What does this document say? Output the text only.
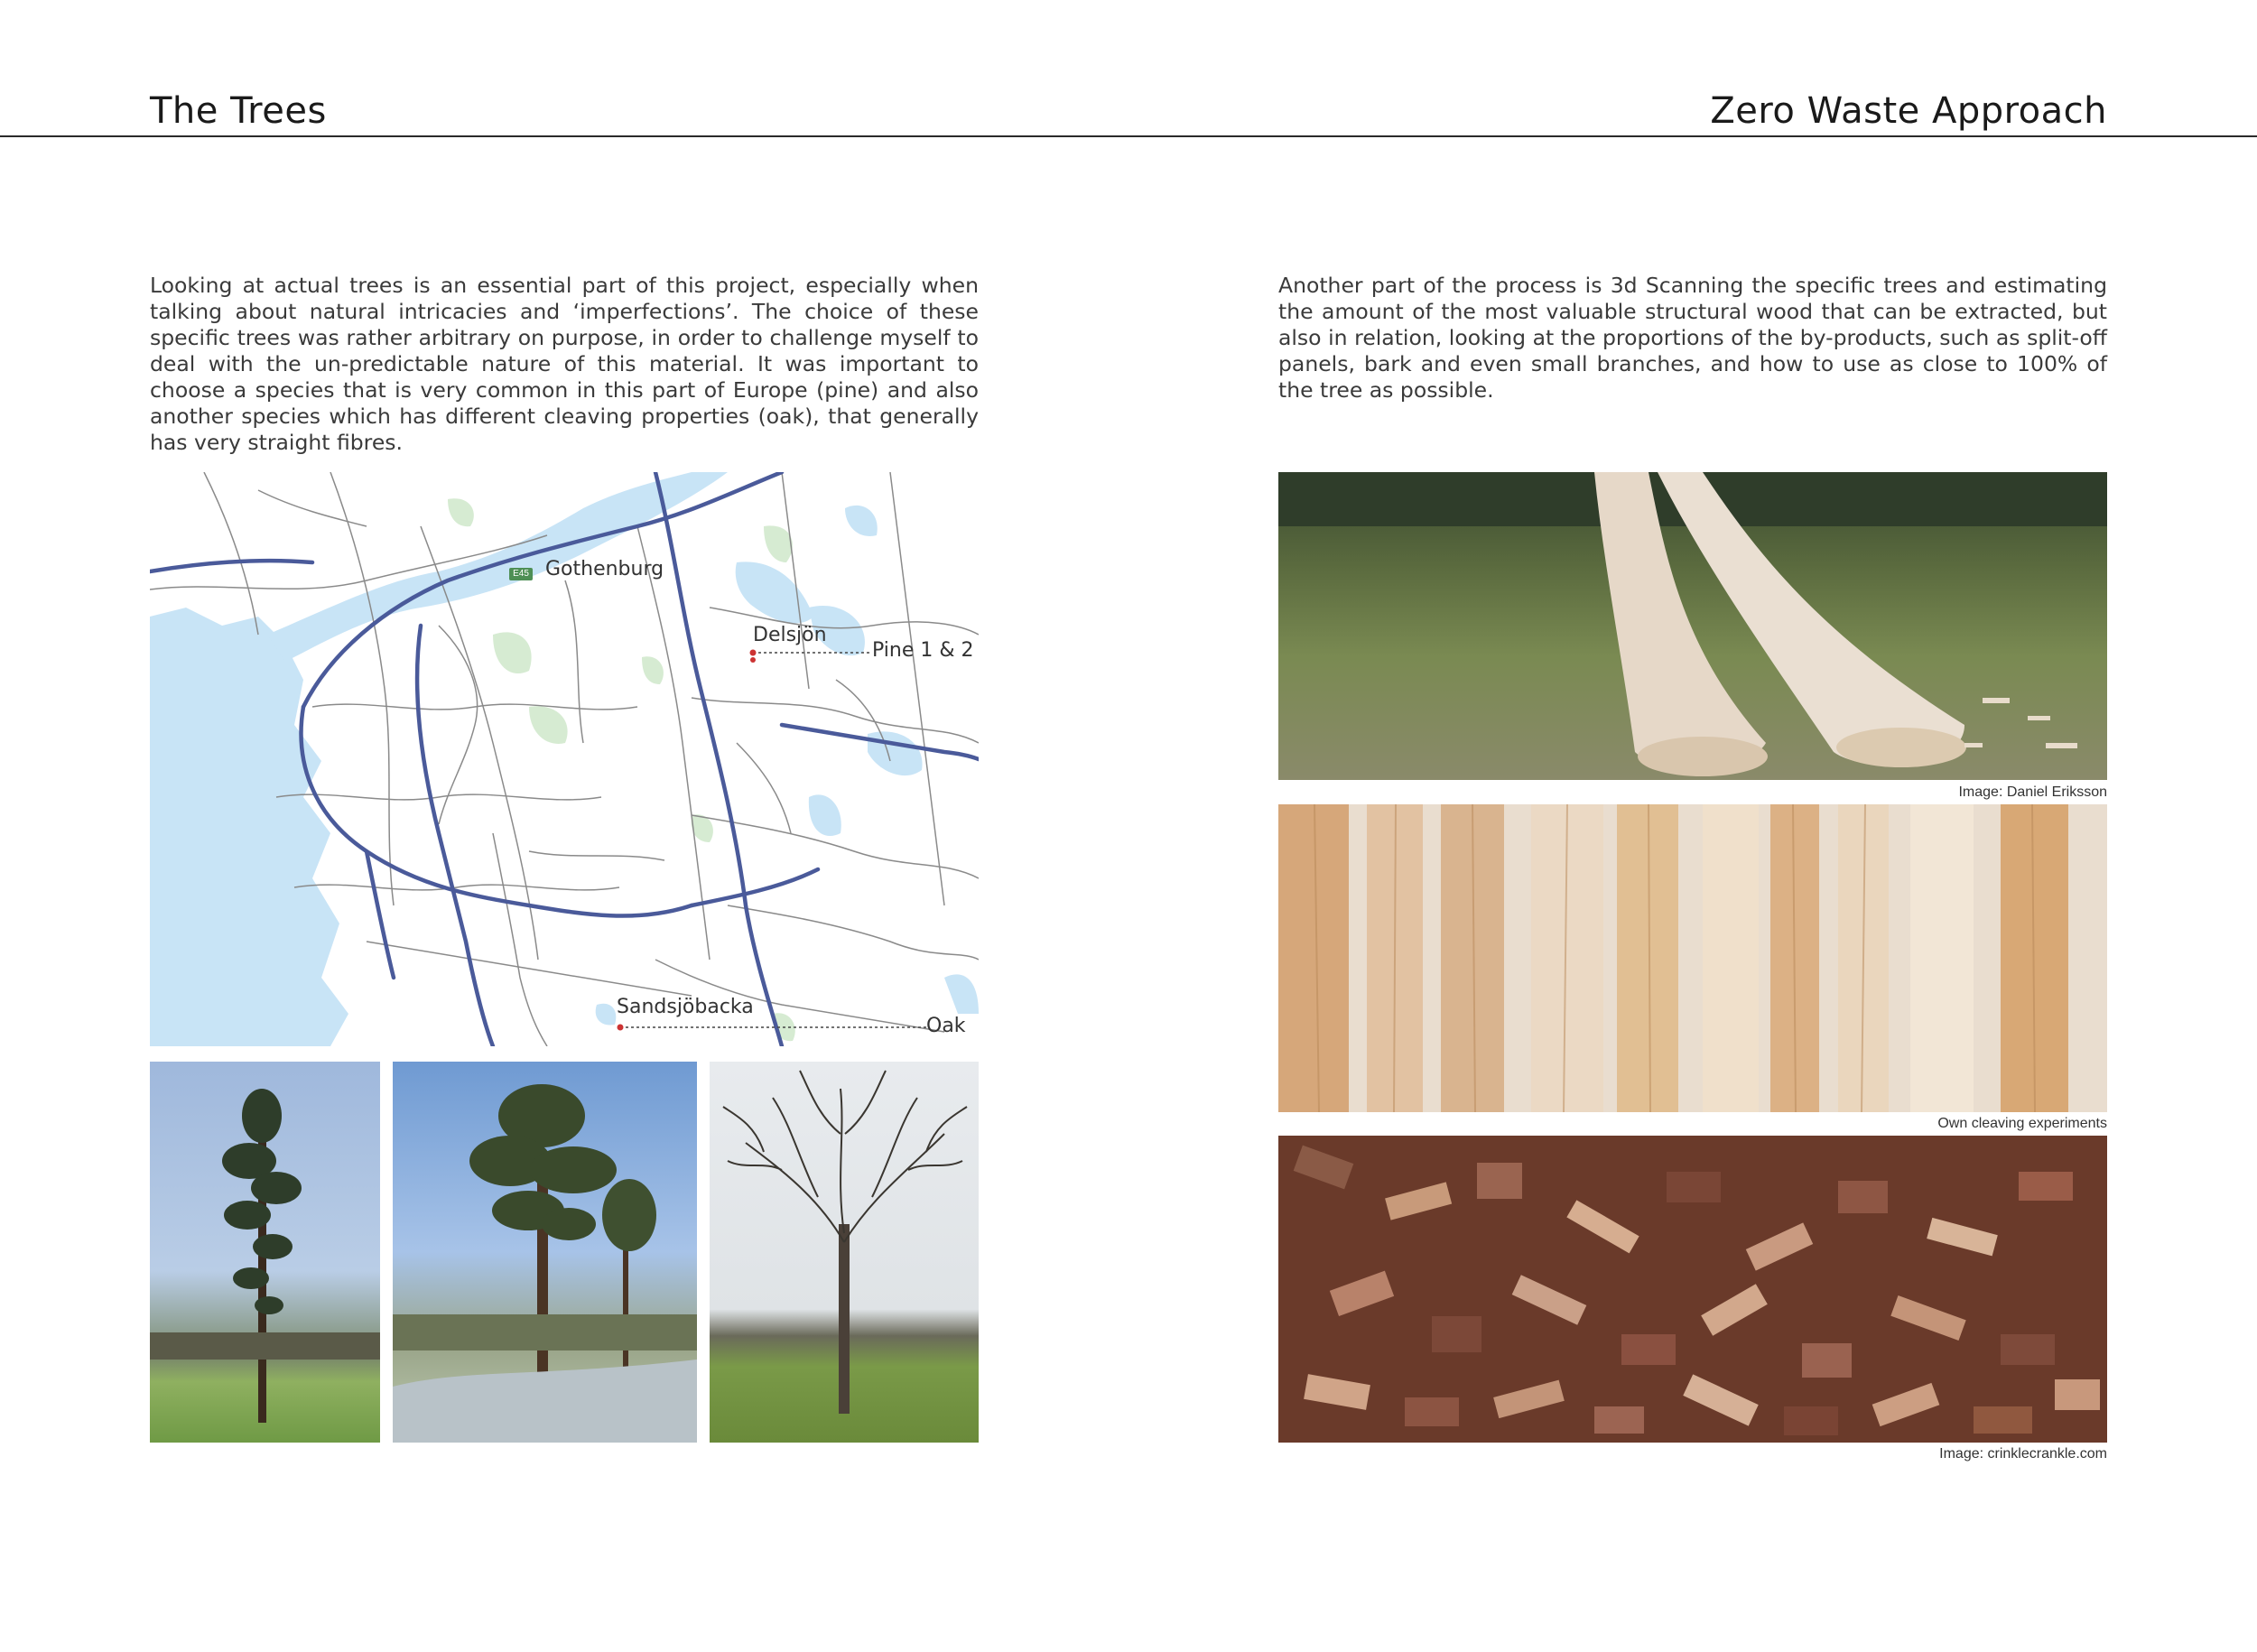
The Trees	Zero Waste Approach
Looking at actual trees is an essential part of this project, especially when talking about natural intricacies and ‘imperfections’. The choice of these specific trees was rather arbitrary on purpose, in order to challenge myself to deal with the un-predictable nature of this material. It was important to choose a species that is very common in this part of Europe (pine) and also another species which has different cleaving properties (oak), that generally has very straight fibres.
Another part of the process is 3d Scanning the specific trees and estimating the amount of the most valuable structural wood that can be extracted, but also in relation, looking at the proportions of the by-products, such as split-off panels, bark and even small branches, and how to use as close to 100% of the tree as possible.
E45 Gothenburg
Delsjön
Pine 1 & 2
Sandsjöbacka
Oak
Image: Daniel Eriksson
Own cleaving experiments
Image: crinklecrankle.com
